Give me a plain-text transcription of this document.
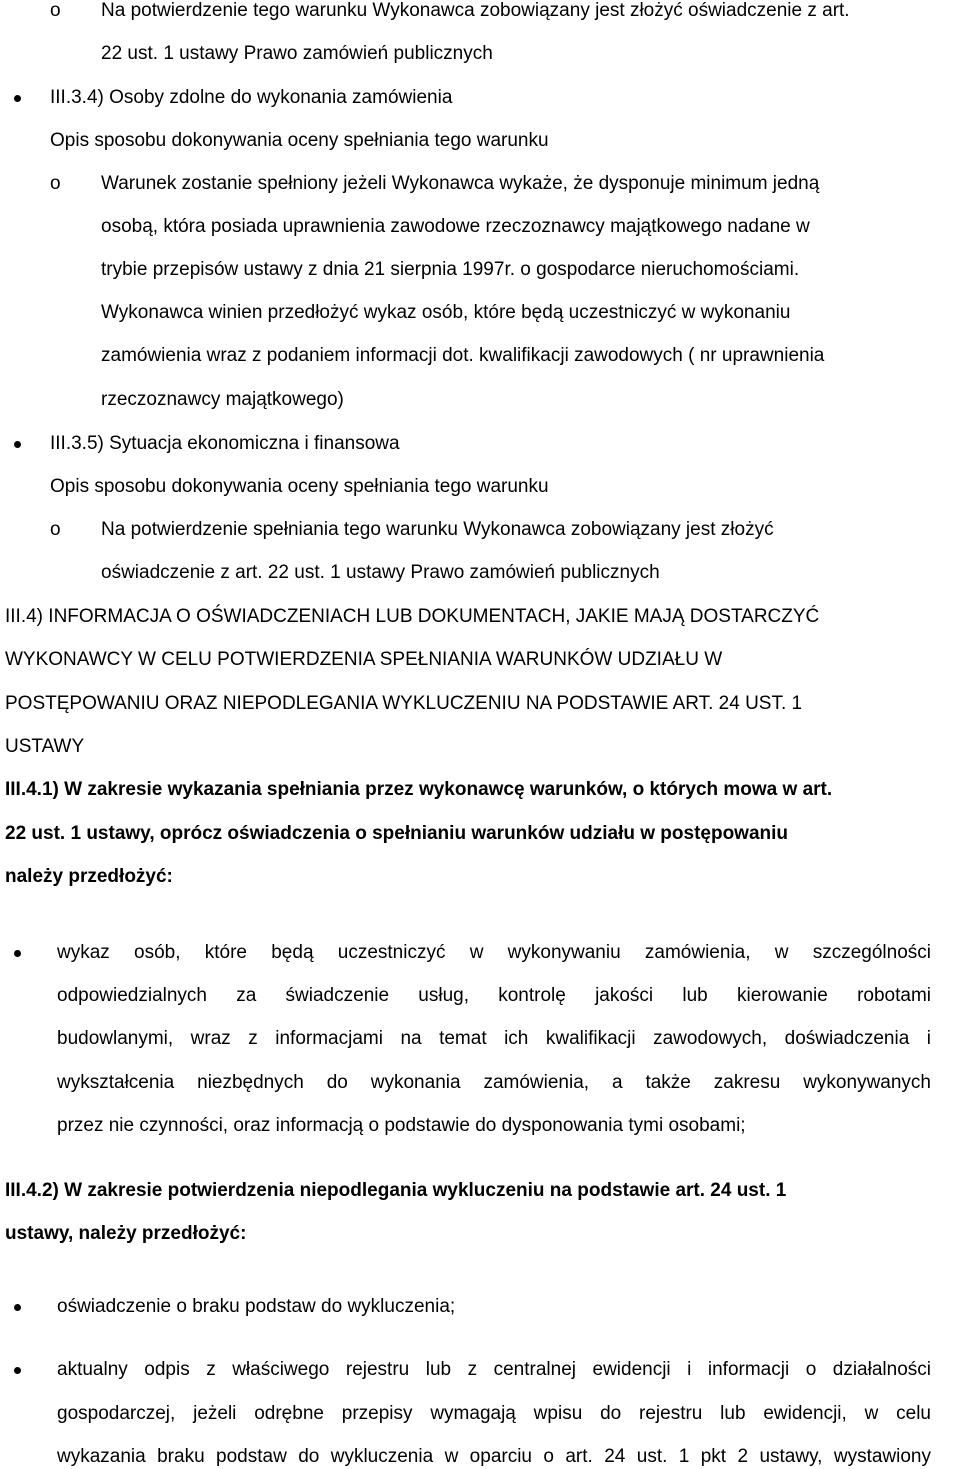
o Na potwierdzenie tego warunku Wykonawca zobowiązany jest złożyć oświadczenie z art.
22 ust. 1 ustawy Prawo zamówień publicznych
III.3.4) Osoby zdolne do wykonania zamówienia
Opis sposobu dokonywania oceny spełniania tego warunku
o Warunek zostanie spełniony jeżeli Wykonawca wykaże, że dysponuje minimum jedną
osobą, która posiada uprawnienia zawodowe rzeczoznawcy majątkowego nadane w
trybie przepisów ustawy z dnia 21 sierpnia 1997r. o gospodarce nieruchomościami.
Wykonawca winien przedłożyć wykaz osób, które będą uczestniczyć w wykonaniu
zamówienia wraz z podaniem informacji dot. kwalifikacji zawodowych ( nr uprawnienia
rzeczoznawcy majątkowego)
III.3.5) Sytuacja ekonomiczna i finansowa
Opis sposobu dokonywania oceny spełniania tego warunku
o Na potwierdzenie spełniania tego warunku Wykonawca zobowiązany jest złożyć
oświadczenie z art. 22 ust. 1 ustawy Prawo zamówień publicznych
III.4) INFORMACJA O OŚWIADCZENIACH LUB DOKUMENTACH, JAKIE MAJĄ DOSTARCZYĆ
WYKONAWCY W CELU POTWIERDZENIA SPEŁNIANIA WARUNKÓW UDZIAŁU W
POSTĘPOWANIU ORAZ NIEPODLEGANIA WYKLUCZENIU NA PODSTAWIE ART. 24 UST. 1
USTAWY
III.4.1) W zakresie wykazania spełniania przez wykonawcę warunków, o których mowa w art.
22 ust. 1 ustawy, oprócz oświadczenia o spełnianiu warunków udziału w postępowaniu
należy przedłożyć:
wykaz osób, które będą uczestniczyć w wykonywaniu zamówienia, w szczególności
odpowiedzialnych za świadczenie usług, kontrolę jakości lub kierowanie robotami
budowlanymi, wraz z informacjami na temat ich kwalifikacji zawodowych, doświadczenia i
wykształcenia niezbędnych do wykonania zamówienia, a także zakresu wykonywanych
przez nie czynności, oraz informacją o podstawie do dysponowania tymi osobami;
III.4.2) W zakresie potwierdzenia niepodlegania wykluczeniu na podstawie art. 24 ust. 1
ustawy, należy przedłożyć:
oświadczenie o braku podstaw do wykluczenia;
aktualny odpis z właściwego rejestru lub z centralnej ewidencji i informacji o działalności
gospodarczej, jeżeli odrębne przepisy wymagają wpisu do rejestru lub ewidencji, w celu
wykazania braku podstaw do wykluczenia w oparciu o art. 24 ust. 1 pkt 2 ustawy, wystawiony
